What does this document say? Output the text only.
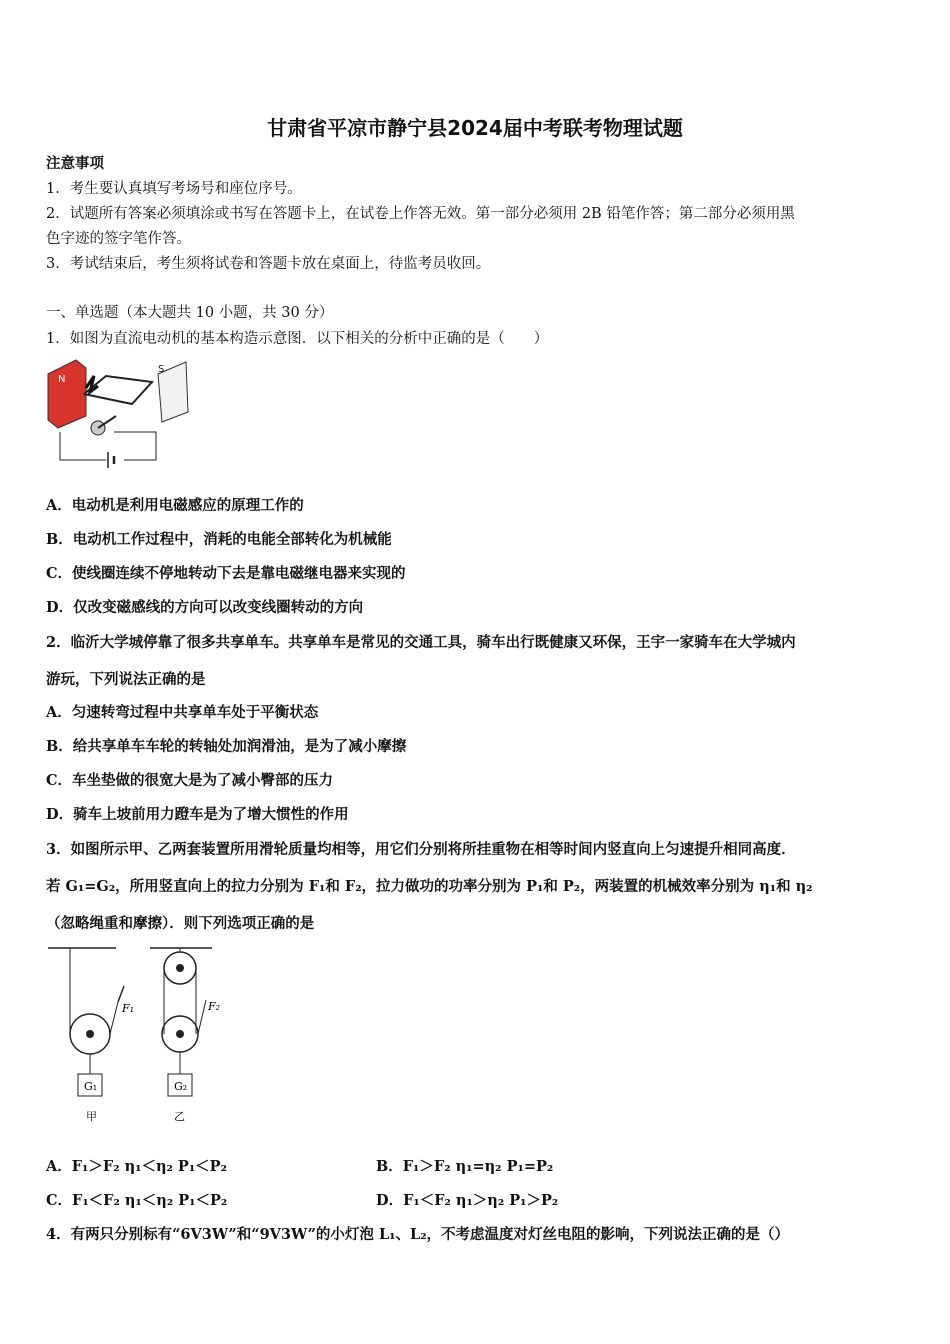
甘肃省平凉市静宁县2024届中考联考物理试题
注意事项
1．考生要认真填写考场号和座位序号。
2．试题所有答案必须填涂或书写在答题卡上，在试卷上作答无效。第一部分必须用 2B 铅笔作答；第二部分必须用黑
色字迹的签字笔作答。
3．考试结束后，考生须将试卷和答题卡放在桌面上，待监考员收回。
一、单选题（本大题共 10 小题，共 30 分）
1．如图为直流电动机的基本构造示意图．以下相关的分析中正确的是（　　）
N
S
A．电动机是利用电磁感应的原理工作的
B．电动机工作过程中，消耗的电能全部转化为机械能
C．使线圈连续不停地转动下去是靠电磁继电器来实现的
D．仅改变磁感线的方向可以改变线圈转动的方向
2．临沂大学城停靠了很多共享单车。共享单车是常见的交通工具，骑车出行既健康又环保，王宇一家骑车在大学城内
游玩，下列说法正确的是
A．匀速转弯过程中共享单车处于平衡状态
B．给共享单车车轮的转轴处加润滑油，是为了减小摩擦
C．车坐垫做的很宽大是为了减小臀部的压力
D．骑车上坡前用力蹬车是为了增大惯性的作用
3．如图所示甲、乙两套装置所用滑轮质量均相等，用它们分别将所挂重物在相等时间内竖直向上匀速提升相同高度．
若 G₁=G₂，所用竖直向上的拉力分别为 F₁和 F₂，拉力做功的功率分别为 P₁和 P₂，两装置的机械效率分别为 η₁和 η₂
（忽略绳重和摩擦）．则下列选项正确的是
F₁
G₁
甲
F₂
G₂
乙
A．F₁＞F₂ η₁＜η₂ P₁＜P₂	B．F₁＞F₂ η₁=η₂ P₁=P₂
C．F₁＜F₂ η₁＜η₂ P₁＜P₂	D．F₁＜F₂ η₁＞η₂ P₁＞P₂
4．有两只分别标有“6V3W”和“9V3W”的小灯泡 L₁、L₂，不考虑温度对灯丝电阻的影响，下列说法正确的是（）
